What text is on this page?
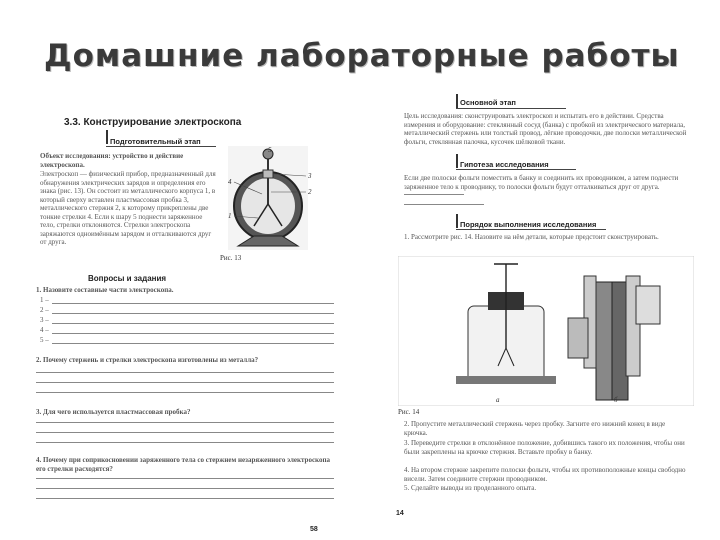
Домашние лабораторные работы
3.3. Конструирование электроскопа
Подготовительный этап
Объект исследования: устройство и действие электроскопа.
Электроскоп — физический прибор, предназначенный для обнаружения электрических зарядов и определения его знака (рис. 13). Он состоит из металлического корпуса 1, в который сверху вставлен пластмассовая пробка 3, металлического стержня 2, к которому прикреплены две тонкие стрелки 4. Если к шару 5 поднести заряженное тело, стрелки отклоняются. Стрелки электроскопа заряжаются одноимённым зарядом и отталкиваются друг от друга.
5
3
2
4
1
Рис. 13
Вопросы и задания
1. Назовите составные части электроскопа.
1 –
2 –
3 –
4 –
5 –
2. Почему стержень и стрелки электроскопа изготовлены из металла?
3. Для чего используется пластмассовая пробка?
4. Почему при соприкосновении заряженного тела со стержнем незаряженного электроскопа его стрелки расходятся?
58
Основной этап
Цель исследования: сконструировать электроскоп и испытать его в действии. Средства измерения и оборудование: стеклянный сосуд (банка) с пробкой из электрического материала, металлический стержень или толстый провод, лёгкие проводочки, две полоски металлической фольги, стеклянная палочка, кусочек шёлковой ткани.
Гипотеза исследования
Если две полоски фольги поместить в банку и соединить их проводником, а затем поднести заряженное тело к проводнику, то полоски фольги будут отталкиваться друг от друга.
Порядок выполнения исследования
1. Рассмотрите рис. 14. Назовите на нём детали, которые предстоит сконструировать.
а	б
Рис. 14
2. Пропустите металлический стержень через пробку. Загните его нижний конец в виде крючка.
3. Переведите стрелки в отклонённое положение, добившись такого их положения, чтобы они были закреплены на крючке стержня. Вставьте пробку в банку.
4. На втором стержне закрепите полоски фольги, чтобы их противоположные концы свободно висели. Затем соедините стержни проводником.
5. Сделайте выводы из проделанного опыта.
14
